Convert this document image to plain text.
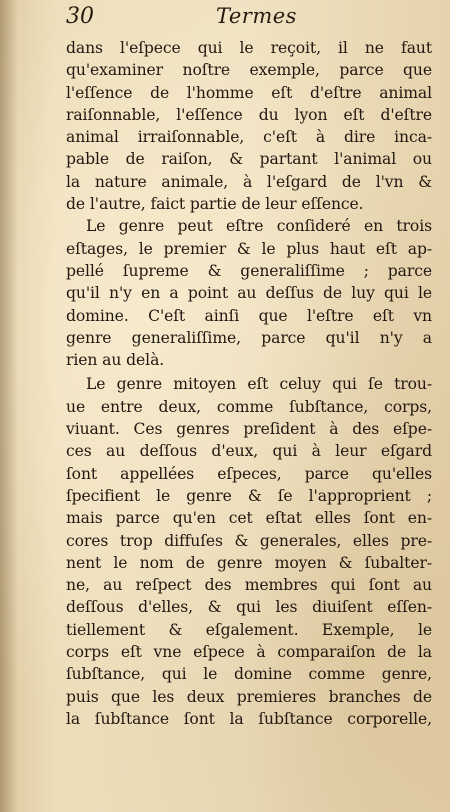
30	Termes
dans l'eſpece qui le reçoit, il ne faut
qu'examiner noſtre exemple, parce que
l'eſſence de l'homme eſt d'eſtre animal
raiſonnable, l'eſſence du lyon eſt d'eſtre
animal irraiſonnable, c'eſt à dire inca-
pable de raiſon, & partant l'animal ou
la nature animale, à l'eſgard de l'vn &
de l'autre, faict partie de leur eſſence.
Le genre peut eſtre conſideré en trois
eſtages, le premier & le plus haut eſt ap-
pellé ſupreme & generaliſſime ; parce
qu'il n'y en a point au deſſus de luy qui le
domine. C'eſt ainſi que l'eſtre eſt vn
genre generaliſſime, parce qu'il n'y a
rien au delà.
Le genre mitoyen eſt celuy qui ſe trou-
ue entre deux, comme ſubſtance, corps,
viuant. Ces genres preſident à des eſpe-
ces au deſſous d'eux, qui à leur eſgard
ſont appellées eſpeces, parce qu'elles
ſpecifient le genre & ſe l'approprient ;
mais parce qu'en cet eſtat elles ſont en-
cores trop diffuſes & generales, elles pre-
nent le nom de genre moyen & ſubalter-
ne, au reſpect des membres qui ſont au
deſſous d'elles, & qui les diuiſent eſſen-
tiellement & eſgalement. Exemple, le
corps eſt vne eſpece à comparaiſon de la
ſubſtance, qui le domine comme genre,
puis que les deux premieres branches de
la ſubſtance ſont la ſubſtance corporelle,
